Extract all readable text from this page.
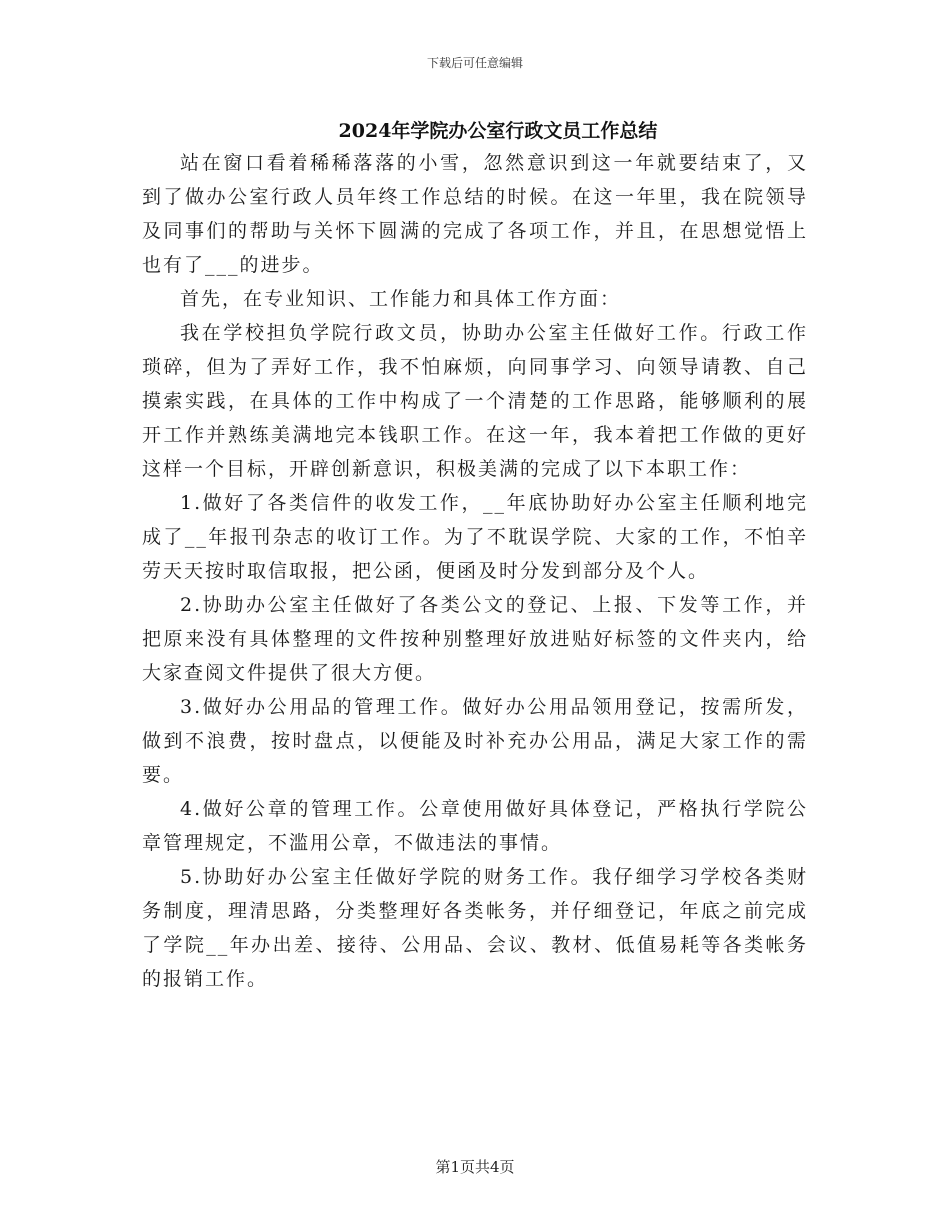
下载后可任意编辑
2024年学院办公室行政文员工作总结

站在窗口看着稀稀落落的小雪，忽然意识到这一年就要结束了，又到了做办公室行政人员年终工作总结的时候。在这一年里，我在院领导及同事们的帮助与关怀下圆满的完成了各项工作，并且，在思想觉悟上也有了___的进步。

首先，在专业知识、工作能力和具体工作方面：

我在学校担负学院行政文员，协助办公室主任做好工作。行政工作琐碎，但为了弄好工作，我不怕麻烦，向同事学习、向领导请教、自己摸索实践，在具体的工作中构成了一个清楚的工作思路，能够顺利的展开工作并熟练美满地完本钱职工作。在这一年，我本着把工作做的更好这样一个目标，开辟创新意识，积极美满的完成了以下本职工作：

1.做好了各类信件的收发工作，__年底协助好办公室主任顺利地完成了__年报刊杂志的收订工作。为了不耽误学院、大家的工作，不怕辛劳天天按时取信取报，把公函，便函及时分发到部分及个人。

2.协助办公室主任做好了各类公文的登记、上报、下发等工作，并把原来没有具体整理的文件按种别整理好放进贴好标签的文件夹内，给大家查阅文件提供了很大方便。

3.做好办公用品的管理工作。做好办公用品领用登记，按需所发，做到不浪费，按时盘点，以便能及时补充办公用品，满足大家工作的需要。

4.做好公章的管理工作。公章使用做好具体登记，严格执行学院公章管理规定，不滥用公章，不做违法的事情。

5.协助好办公室主任做好学院的财务工作。我仔细学习学校各类财务制度，理清思路，分类整理好各类帐务，并仔细登记，年底之前完成了学院__年办出差、接待、公用品、会议、教材、低值易耗等各类帐务的报销工作。

第1页共4页
